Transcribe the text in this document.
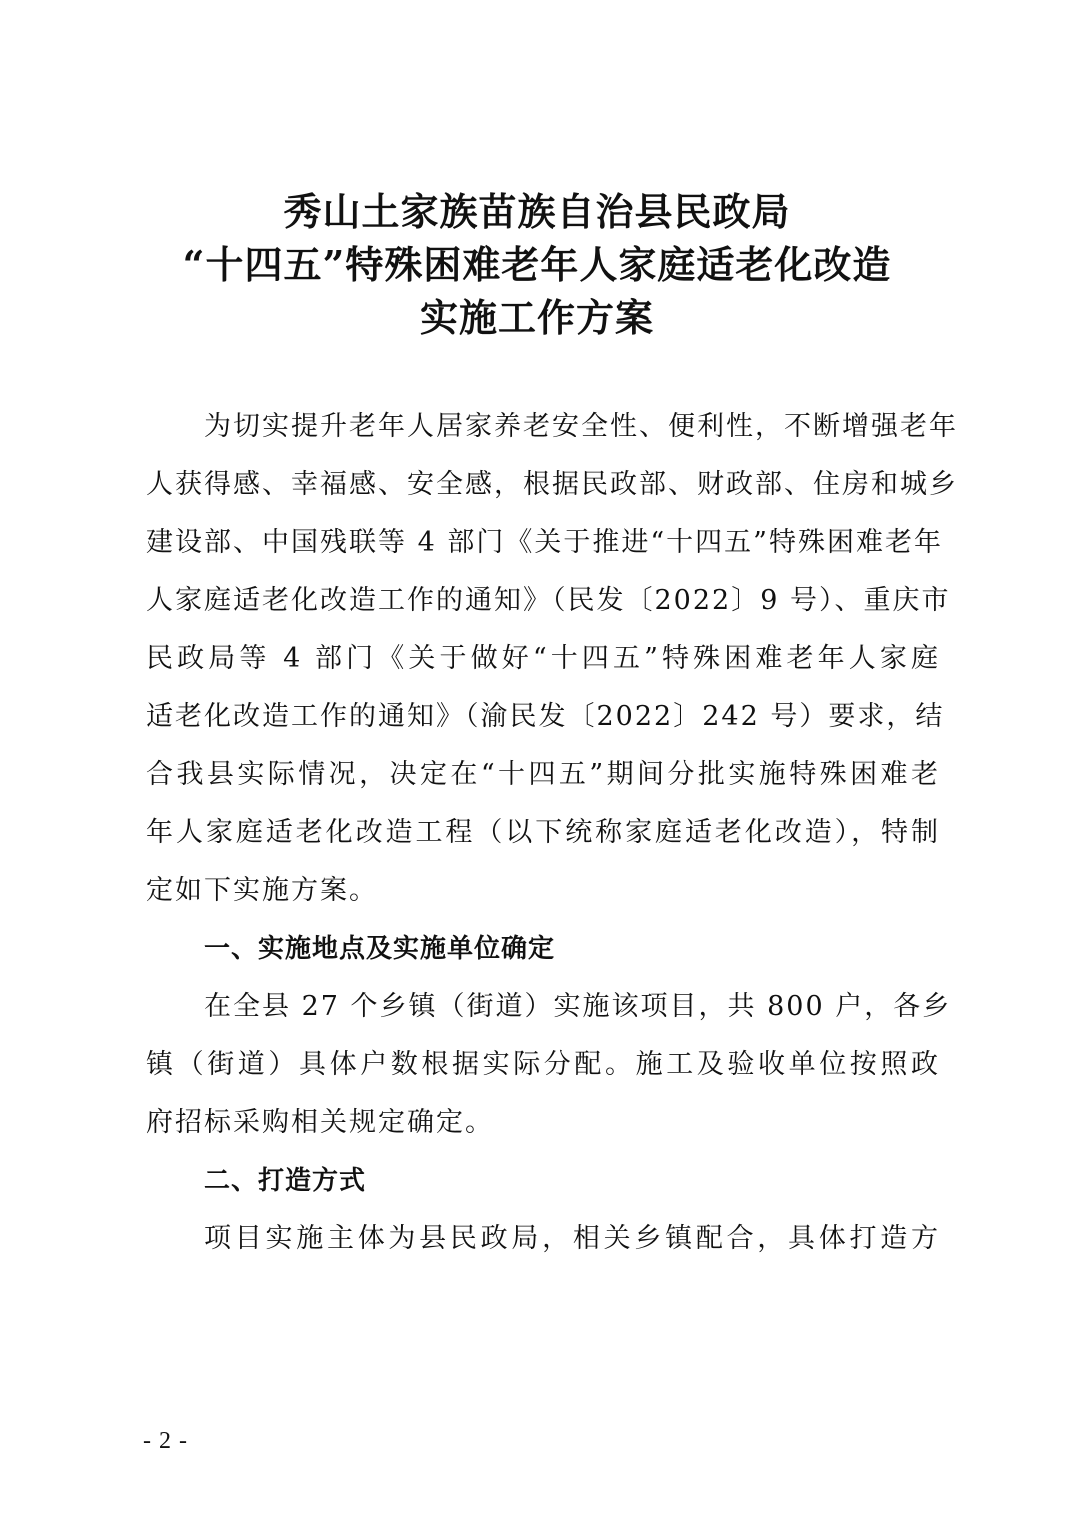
秀山土家族苗族自治县民政局
“十四五”特殊困难老年人家庭适老化改造
实施工作方案
为切实提升老年人居家养老安全性、便利性，不断增强老年
人获得感、幸福感、安全感，根据民政部、财政部、住房和城乡
建设部、中国残联等 4 部门《关于推进“十四五”特殊困难老年
人家庭适老化改造工作的通知》（民发〔2022〕9 号）、重庆市
民政局等 4 部门《关于做好“十四五”特殊困难老年人家庭
适老化改造工作的通知》（渝民发〔2022〕242 号）要求，结
合我县实际情况，决定在“十四五”期间分批实施特殊困难老
年人家庭适老化改造工程（以下统称家庭适老化改造），特制
定如下实施方案。
一、实施地点及实施单位确定
在全县 27 个乡镇（街道）实施该项目，共 800 户，各乡
镇（街道）具体户数根据实际分配。施工及验收单位按照政
府招标采购相关规定确定。
二、打造方式
项目实施主体为县民政局，相关乡镇配合，具体打造方
- 2 -
